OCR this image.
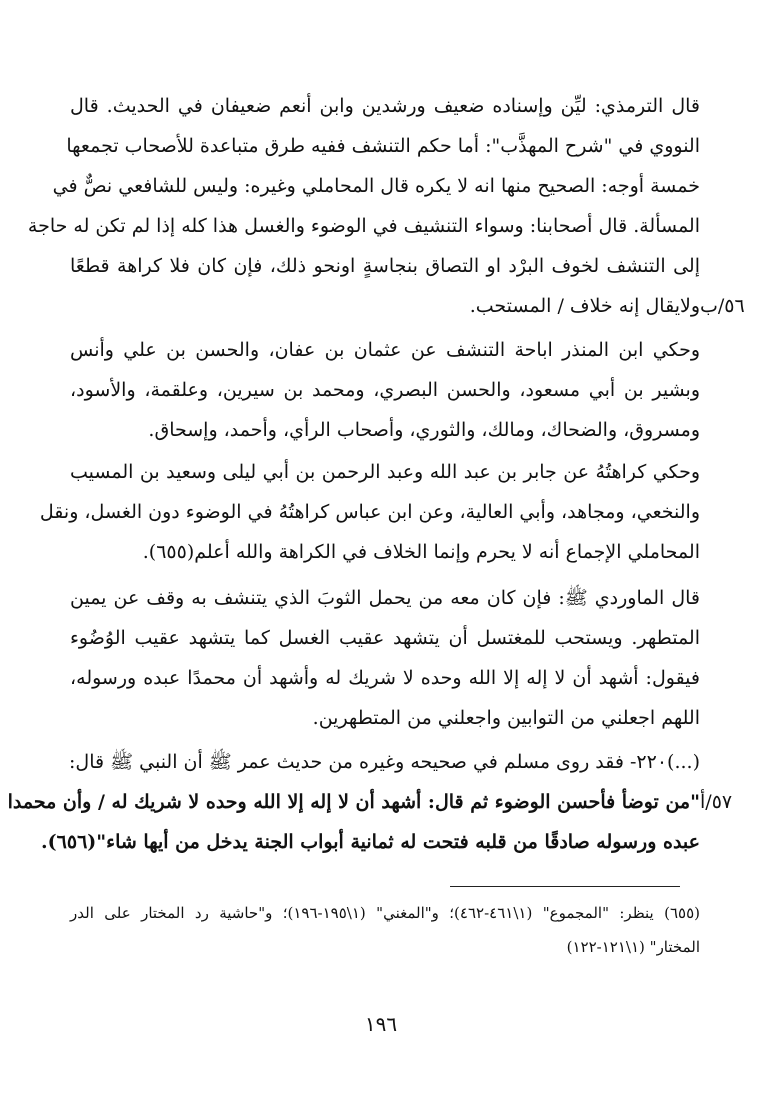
قال الترمذي: ليِّن وإسناده ضعيف ورشدين وابن أنعم ضعيفان في الحديث. قال
النووي في "شرح المهذَّب": أما حكم التنشف ففيه طرق متباعدة للأصحاب تجمعها
خمسة أوجه: الصحيح منها انه لا يكره قال المحاملي وغيره: وليس للشافعي نصٌّ في
المسألة. قال أصحابنا: وسواء التنشيف في الوضوء والغسل هذا كله إذا لم تكن له حاجة
إلى التنشف لخوف البرْد او التصاق بنجاسةٍ اونحو ذلك، فإن كان فلا كراهة قطعًا
ولايقال إنه خلاف / المستحب. ٥٦/ب
وحكي ابن المنذر اباحة التنشف عن عثمان بن عفان، والحسن بن علي وأنس
وبشير بن أبي مسعود، والحسن البصري، ومحمد بن سيرين، وعلقمة، والأسود،
ومسروق، والضحاك، ومالك، والثوري، وأصحاب الرأي، وأحمد، وإسحاق.
وحكي كراهتُهُ عن جابر بن عبد الله وعبد الرحمن بن أبي ليلى وسعيد بن المسيب
والنخعي، ومجاهد، وأبي العالية، وعن ابن عباس كراهتُهُ في الوضوء دون الغسل، ونقل
المحاملي الإجماع أنه لا يحرم وإنما الخلاف في الكراهة والله أعلم(٦٥٥).
قال الماوردي ﷺ: فإن كان معه من يحمل الثوبَ الذي يتنشف به وقف عن يمين
المتطهر. ويستحب للمغتسل أن يتشهد عقيب الغسل كما يتشهد عقيب الوُضُوء
فيقول: أشهد أن لا إله إلا الله وحده لا شريك له وأشهد أن محمدًا عبده ورسوله،
اللهم اجعلني من التوابين واجعلني من المتطهرين.
(...)٢٢٠- فقد روى مسلم في صحيحه وغيره من حديث عمر ﷺ أن النبي ﷺ قال:
"من توضأ فأحسن الوضوء ثم قال: أشهد أن لا إله إلا الله وحده لا شريك له / وأن محمدا
عبده ورسوله صادقًا من قلبه فتحت له ثمانية أبواب الجنة يدخل من أيها شاء"(٦٥٦).
٥٧/أ
(٦٥٥) ينظر: "المجموع" (١\٤٦١-٤٦٢)؛ و"المغني" (١\١٩٥-١٩٦)؛ و"حاشية رد المختار على الدر
المختار" (١\١٢١-١٢٢)
١٩٦
